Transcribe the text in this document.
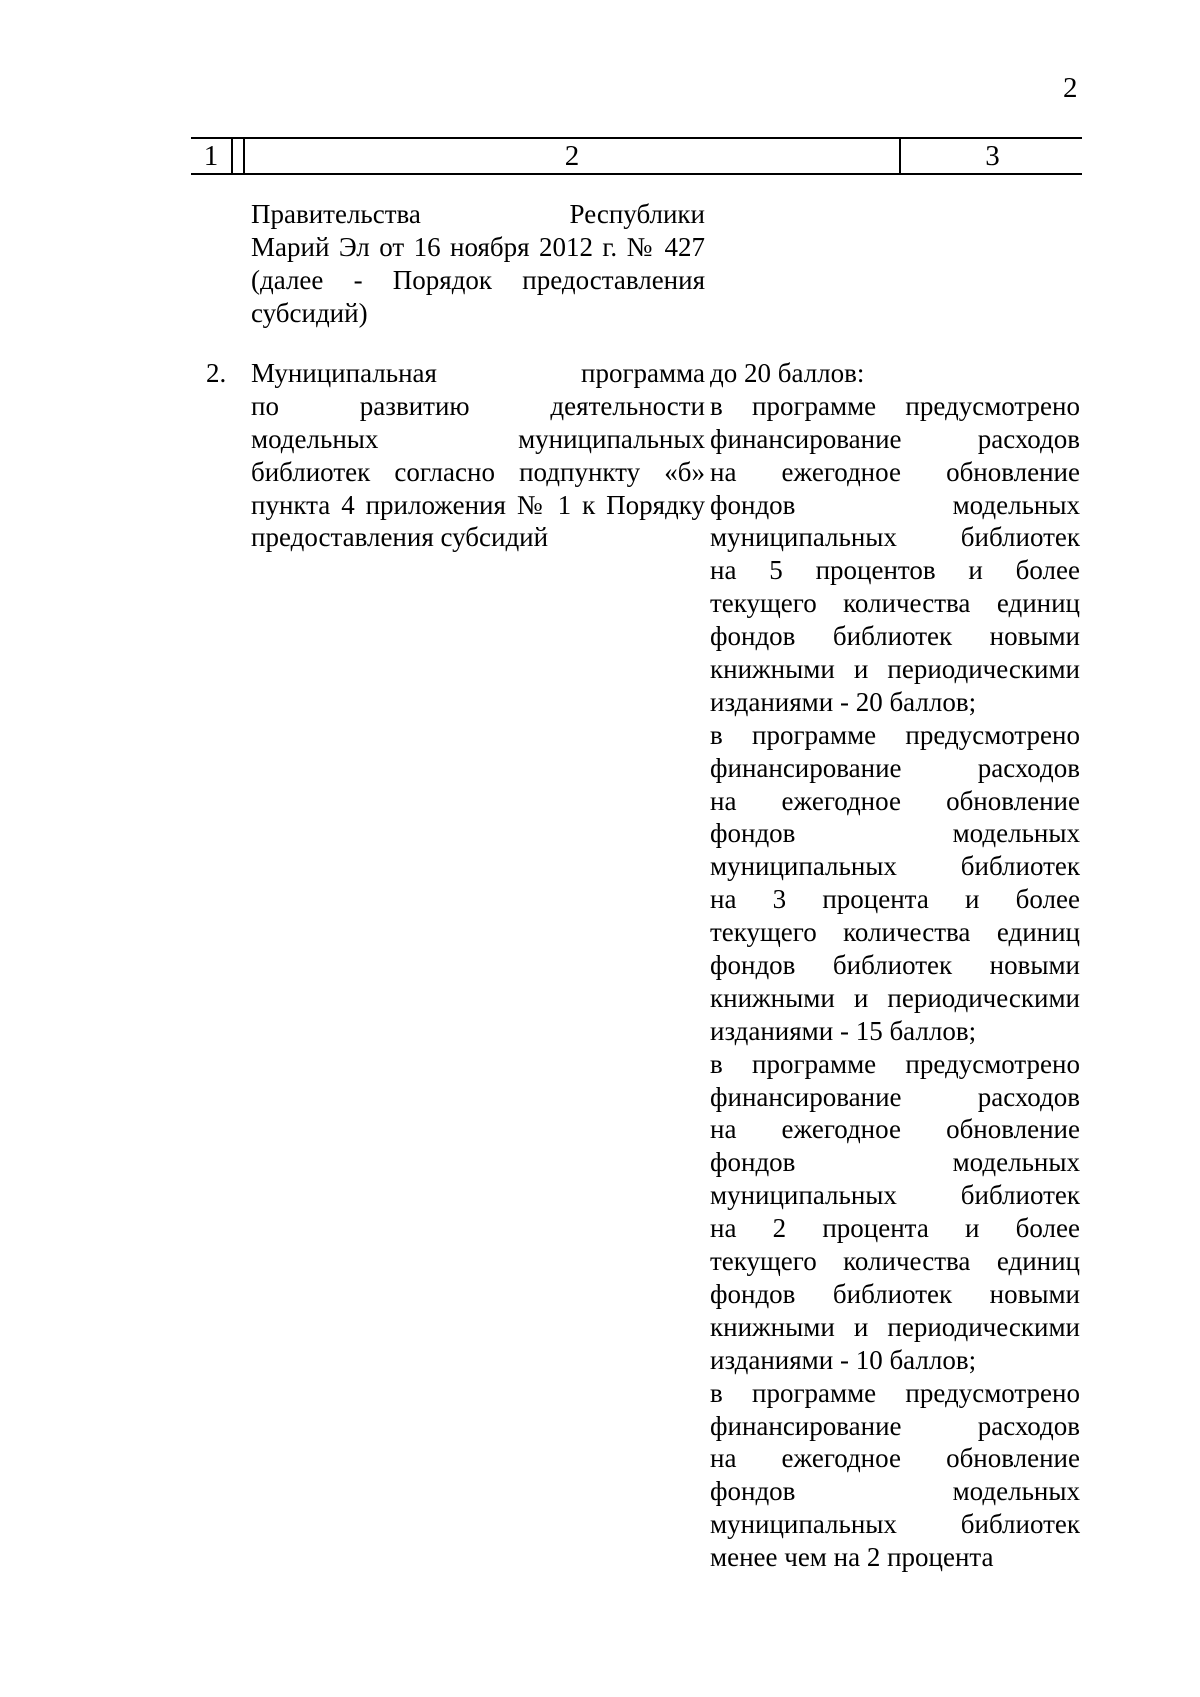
2
1	2	3
Правительства Республики
Марий Эл от 16 ноября 2012 г. № 427
(далее - Порядок предоставления
субсидий)
2. Муниципальная программа
по развитию деятельности
модельных муниципальных
библиотек согласно подпункту «б»
пункта 4 приложения № 1 к Порядку
предоставления субсидий
до 20 баллов:
в программе предусмотрено
финансирование расходов
на ежегодное обновление
фондов модельных
муниципальных библиотек
на 5 процентов и более
текущего количества единиц
фондов библиотек новыми
книжными и периодическими
изданиями - 20 баллов;
в программе предусмотрено
финансирование расходов
на ежегодное обновление
фондов модельных
муниципальных библиотек
на 3 процента и более
текущего количества единиц
фондов библиотек новыми
книжными и периодическими
изданиями - 15 баллов;
в программе предусмотрено
финансирование расходов
на ежегодное обновление
фондов модельных
муниципальных библиотек
на 2 процента и более
текущего количества единиц
фондов библиотек новыми
книжными и периодическими
изданиями - 10 баллов;
в программе предусмотрено
финансирование расходов
на ежегодное обновление
фондов модельных
муниципальных библиотек
менее чем на 2 процента
